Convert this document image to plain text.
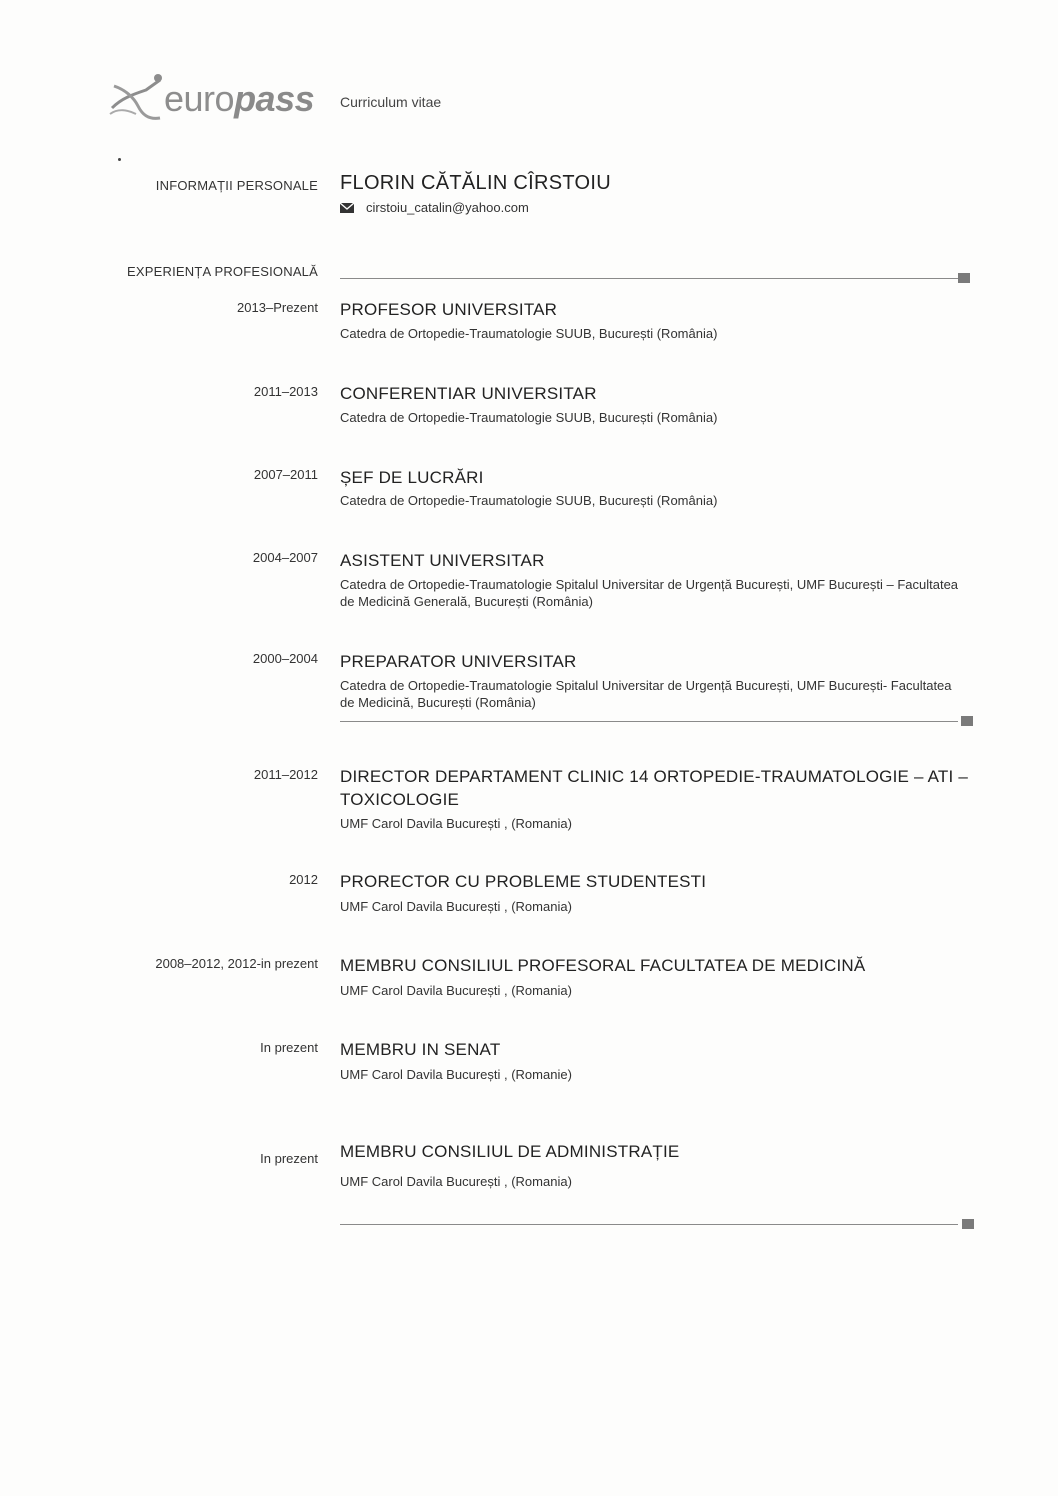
europass Curriculum vitae
INFORMAȚII PERSONALE FLORIN CĂTĂLIN CÎRSTOIU
cirstoiu_catalin@yahoo.com
EXPERIENȚA PROFESIONALĂ
2013–Prezent PROFESOR UNIVERSITAR
Catedra de Ortopedie-Traumatologie SUUB, București (România)
2011–2013 CONFERENTIAR UNIVERSITAR
Catedra de Ortopedie-Traumatologie SUUB, București (România)
2007–2011 ȘEF DE LUCRĂRI
Catedra de Ortopedie-Traumatologie SUUB, București (România)
2004–2007 ASISTENT UNIVERSITAR
Catedra de Ortopedie-Traumatologie Spitalul Universitar de Urgență București, UMF București – Facultatea de Medicină Generală, București (România)
2000–2004 PREPARATOR UNIVERSITAR
Catedra de Ortopedie-Traumatologie Spitalul Universitar de Urgență București, UMF București- Facultatea de Medicină, București (România)
2011–2012 DIRECTOR DEPARTAMENT CLINIC 14 ORTOPEDIE-TRAUMATOLOGIE – ATI – TOXICOLOGIE
UMF Carol Davila București , (Romania)
2012 PRORECTOR CU PROBLEME STUDENTESTI
UMF Carol Davila București , (Romania)
2008–2012, 2012-in prezent MEMBRU CONSILIUL PROFESORAL FACULTATEA DE MEDICINĂ
UMF Carol Davila București , (Romania)
In prezent MEMBRU IN SENAT
UMF Carol Davila București , (Romanie)
In prezent MEMBRU CONSILIUL DE ADMINISTRAȚIE
UMF Carol Davila București , (Romania)
